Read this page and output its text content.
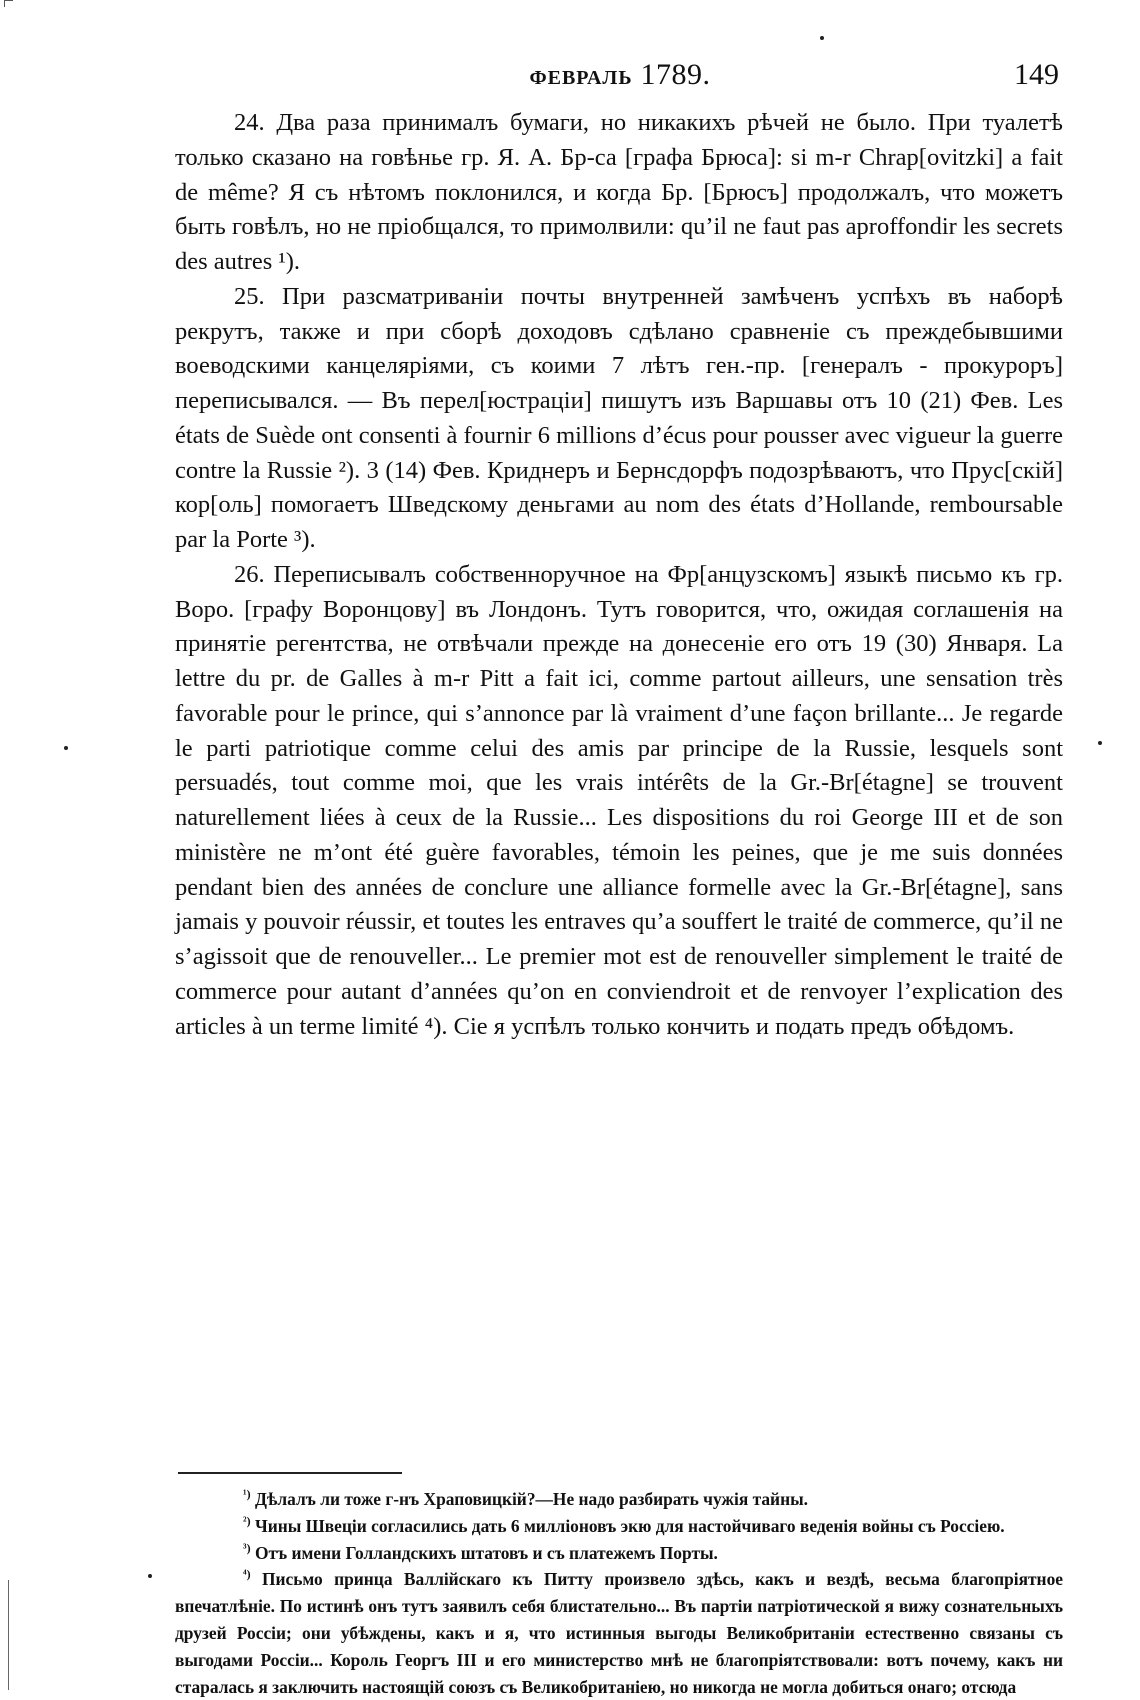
ФЕВРАЛЬ 1789.	149

24. Два раза принималъ бумаги, но никакихъ рѣчей не было. При туалетѣ только сказано на говѣнье гр. Я. А. Бр-са [графа Брюса]: si m-r Chrap[ovitzki] a fait de même? Я съ нѣтомъ поклонился, и когда Бр. [Брюсъ] продолжалъ, что можетъ быть говѣлъ, но не пріобщался, то примолвили: qu’il ne faut pas aproffondir les secrets des autres ¹).

25. При разсматриваніи почты внутренней замѣченъ успѣхъ въ наборѣ рекрутъ, также и при сборѣ доходовъ сдѣлано сравненіе съ преждебывшими воеводскими канцеляріями, съ коими 7 лѣтъ ген.-пр. [генералъ - прокуроръ] переписывался. — Въ перел[юстраціи] пишутъ изъ Варшавы отъ 10 (21) Фев. Les états de Suède ont consenti à fournir 6 millions d’écus pour pousser avec vigueur la guerre contre la Russie ²). 3 (14) Фев. Криднеръ и Бернсдорфъ подозрѣваютъ, что Прус[скій] кор[оль] помогаетъ Шведскому деньгами au nom des états d’Hollande, remboursable par la Porte ³).

26. Переписывалъ собственноручное на Фр[анцузскомъ] языкѣ письмо къ гр. Воро. [графу Воронцову] въ Лондонъ. Тутъ говорится, что, ожидая соглашенія на принятіе регентства, не отвѣчали прежде на донесеніе его отъ 19 (30) Января. La lettre du pr. de Galles à m-r Pitt a fait ici, comme partout ailleurs, une sensation très favorable pour le prince, qui s’annonce par là vraiment d’une façon brillante... Je regarde le parti patriotique comme celui des amis par principe de la Russie, lesquels sont persuadés, tout comme moi, que les vrais intérêts de la Gr.-Br[étagne] se trouvent naturellement liées à ceux de la Russie... Les dispositions du roi George III et de son ministère ne m’ont été guère favorables, témoin les peines, que je me suis données pendant bien des années de conclure une alliance formelle avec la Gr.-Br[étagne], sans jamais y pouvoir réussir, et toutes les entraves qu’a souffert le traité de commerce, qu’il ne s’agissoit que de renouveller... Le premier mot est de renouveller simplement le traité de commerce pour autant d’années qu’on en conviendroit et de renvoyer l’explication des articles à un terme limité ⁴). Сіе я успѣлъ только кончить и подать предъ обѣдомъ.

$^{^1)}$ Дѣлалъ ли тоже г-нъ Храповицкій?—Не надо разбирать чужія тайны.

$^{^2)}$ Чины Швеціи согласились дать 6 милліоновъ экю для настойчиваго веденія войны съ Россіею.

$^{^3)}$ Отъ имени Голландскихъ штатовъ и съ платежемъ Порты.

$^{^4)}$ Письмо принца Валлійскаго къ Питту произвело здѣсь, какъ и вездѣ, весьма благопріятное впечатлѣніе. По истинѣ онъ тутъ заявилъ себя блистательно... Въ партіи патріотической я вижу сознательныхъ друзей Россіи; они убѣждены, какъ и я, что истинныя выгоды Великобританіи естественно связаны съ выгодами Россіи... Король Георгъ III и его министерство мнѣ не благопріятствовали: вотъ почему, какъ ни старалась я заключить настоящій союзъ съ Великобританіею, но никогда не могла добиться онаго; отсюда
